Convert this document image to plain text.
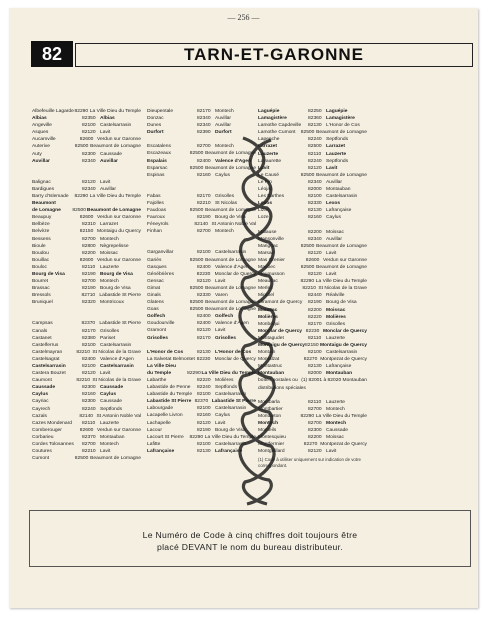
— 256 —
82	TARN-ET-GARONNE
Albefeuille Lagarde 82290 La Ville Dieu du Temple
Albias	82350 Albias
Angeville	82100 Castelsarrasin
Asques	82120 Lavit
Aucamville	82600 Verdun sur Garonne
Auterive	82500 Beaumont de Lomagne
Auty	82300 Caussade
Auvillar	82340 Auvillar
Balignac	82120 Lavit
Bardigues	82340 Auvillar
Barry d'Islemade	82290 La Ville Dieu du Temple
Beaumont
de Lomagne	82500 Beaumont de Lomagne
Beaupuy	82600 Verdun sur Garonne
Belbèze	82310 Larrazet
Belvèze	82150 Montaigu du Quercy
Bessens	82700 Montech
Bioule	82800 Nègrepelisse
Boudou	82200 Moissac
Bouillac	82600 Verdun sur Garonne
Bouloc	82110 Lauzerte
Bourg de Visa	82190 Bourg de Visa
Bourret	82700 Montech
Brassac	82190 Bourg de Visa
Bressols	82710 Labastide St Pierre
Bruniquel	82320 Montricoux
Campsas	82370 Labastide St Pierre
Canals	82170 Grisolles
Castanet	82380 Pariset
Castelferrus	82100 Castelsarrasin
Castelmayran	82210 St Nicolas de la Grave
Castelsagrat	82400 Valence d'Agen
Castelsarrasin	82100 Castelsarrasin
Castera Bouzet	82120 Lavit
Caumont	82210 St Nicolas de la Grave
Caussade	82300 Caussade
Caylus	82160 Caylus
Cayriac	82300 Caussade
Cayrech	82240 Septfonds
Cazals	82140 St Antonin Noble Val
Cazes Mondenard	82110 Lauzerte
Comberouger	82600 Verdun sur Garonne
Corbarieu	82370 Montauban
Cordes Tolosannes	82700 Montech
Coutures	82210 Lavit
Cumont	82500 Beaumont de Lomagne
Dieupentale	82170 Montech
Donzac	82340 Auvillar
Dunes	82340 Auvillar
Durfort	82390 Durfort
Escatalens	82700 Montech
Escazeaux	82500 Beaumont de Lomagne
Espalais	82400 Valence d'Agen
Esparsac	82500 Beaumont de Lomagne
Espinas	82160 Caylus
Fabas	82170 Grisolles
Fajolles	82210 St Nicolas
Faudoas	82500 Beaumont de Lomagne
Fauroux	82190 Bourg de Visa
Féneyrols	82140 St Antonin Noble Val
Finhan	82700 Montech
Garganvillar	82100 Castelsarrasin
Gariès	82500 Beaumont de Lomagne
Gasques	82400 Valence d'Agen
Génébrières	82230 Monclar de Quercy
Gensac	82120 Lavit
Gimat	82500 Beaumont de Lomagne
Ginals	82330 Varen
Glatens	82500 Beaumont de Lomagne
Goas	82500 Beaumont de Lomagne
Golfech	82400 Golfech
Goudourville	82400 Valence d'Agen
Gramont	82120 Lavit
Grisolles	82170 Grisolles
L'Honor de Cos	82130 L'Honor de Cos
La Salvetat Belmontet 82230 Monclar de Quercy
La Ville Dieu
du Temple	82290 La Ville Dieu du Temple
Labarthe	82220 Molières
Labastide de Penne	82240 Septfonds
Labastide du Temple	82100 Castelsarrasin
Labastide St Pierre 82370 Labastide St Pierre
Labourgade	82100 Castelsarrasin
Lacapelle Livron	82160 Caylus
Lachapelle	82120 Lavit
Lacour	82190 Bourg de Visa
Lacourt St Pierre	82290 La Ville Dieu du Temple
Lafitte	82100 Castelsarrasin
Lafrançaise	82130 Lafrançaise
Laguépie	82250 Laguépie
Lamagistère	82360 Lamagistère
Lamothe Capdeville	82130 L'Honor de Cos
Lamothe Cumont	82500 Beaumont de Lomagne
Lapenche	82240 Septfonds
Larrazet	82500 Larrazet
Lauzerte	82110 Lauzerte
Lavaurette	82240 Septfonds
Lavit	82120 Lavit
Le Causé	82500 Beaumont de Lomagne
Le Pin	82340 Auvillar
Léojac	82000 Montauban
Les Barthes	82100 Castelsarrasin
Lexos	82330 Lexos
Lizac	82130 Lafrançaise
Loze	82160 Caylus
Malause	82200 Moissac
Mansonville	82340 Auvillar
Marignac	82500 Beaumont de Lomagne
Marsac	82120 Lavit
Mas Grenier	82600 Verdun sur Garonne
Maubec	82500 Beaumont de Lomagne
Maumusson	82120 Lavit
Meauzac	82290 La Ville Dieu du Temple
Merles	82210 St Nicolas de la Grave
Mirabel	82440 Réalville
Miramont de Quercy	82190 Bourg de Visa
Moissac	82200 Moissac
Molières	82220 Molières
Monbéqui	82170 Grisolles
Monclar de Quercy 82230 Monclar de Quercy
Montagudet	82110 Lauzerte
Montaigu de Quercy 82150 Montaigu de Quercy
Montain	82100 Castelsarrasin
Montalzat	82270 Montpezat de Quercy
Montastruc	82130 Lafrançaise
Montauban	82000 Montauban
boîtes postales ou (1) 82001 à 82020 Montauban
distributions spéciales
Montbarla	82110 Lauzerte
Montbartier	82700 Montech
Montbeton	82290 La Ville Dieu du Temple
Montech	82700 Montech
Monteils	82300 Caussade
Montesquieu	82200 Moissac
Montfermier	82270 Montpezat de Quercy
Montgaillard	82120 Lavit
(1) Code à utiliser uniquement sur indication de votre correspondant.
Le Numéro de Code à cinq chiffres doit toujours être
placé DEVANT le nom du bureau distributeur.
